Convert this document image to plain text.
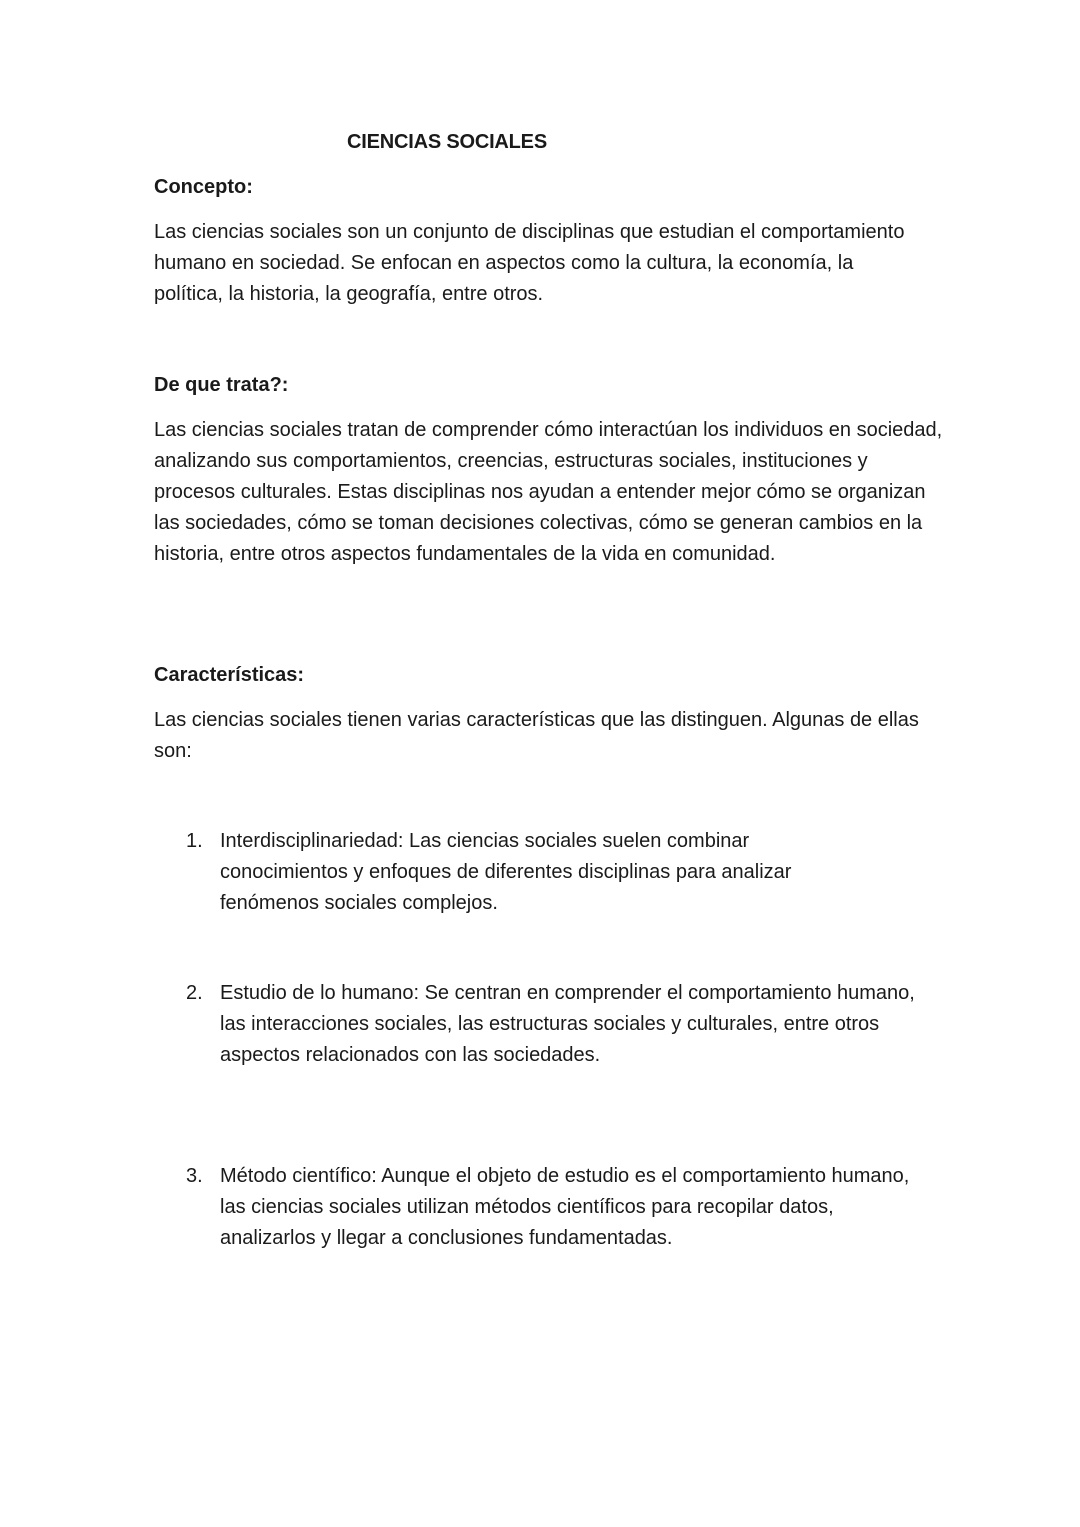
CIENCIAS SOCIALES
Concepto:

Las ciencias sociales son un conjunto de disciplinas que estudian el comportamiento humano en sociedad. Se enfocan en aspectos como la cultura, la economía, la política, la historia, la geografía, entre otros.

De que trata?:

Las ciencias sociales tratan de comprender cómo interactúan los individuos en sociedad, analizando sus comportamientos, creencias, estructuras sociales, instituciones y procesos culturales. Estas disciplinas nos ayudan a entender mejor cómo se organizan las sociedades, cómo se toman decisiones colectivas, cómo se generan cambios en la historia, entre otros aspectos fundamentales de la vida en comunidad.

Características:

Las ciencias sociales tienen varias características que las distinguen. Algunas de ellas son:

1. Interdisciplinariedad: Las ciencias sociales suelen combinar conocimientos y enfoques de diferentes disciplinas para analizar fenómenos sociales complejos.
2. Estudio de lo humano: Se centran en comprender el comportamiento humano, las interacciones sociales, las estructuras sociales y culturales, entre otros aspectos relacionados con las sociedades.
3. Método científico: Aunque el objeto de estudio es el comportamiento humano, las ciencias sociales utilizan métodos científicos para recopilar datos, analizarlos y llegar a conclusiones fundamentadas.
